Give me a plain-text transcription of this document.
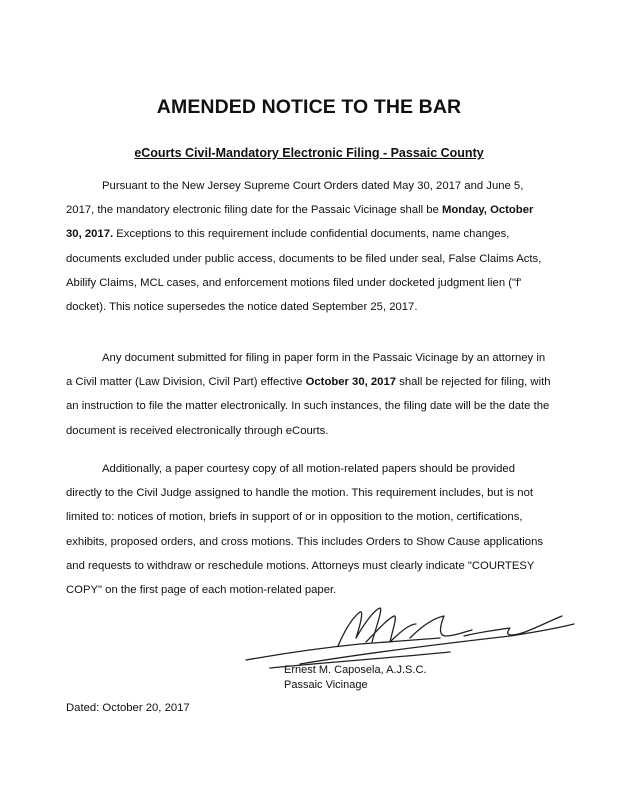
AMENDED NOTICE TO THE BAR
eCourts Civil-Mandatory Electronic Filing - Passaic County

Pursuant to the New Jersey Supreme Court Orders dated May 30, 2017 and June 5, 2017, the mandatory electronic filing date for the Passaic Vicinage shall be Monday, October 30, 2017. Exceptions to this requirement include confidential documents, name changes, documents excluded under public access, documents to be filed under seal, False Claims Acts, Abilify Claims, MCL cases, and enforcement motions filed under docketed judgment lien ("f' docket). This notice supersedes the notice dated September 25, 2017.

Any document submitted for filing in paper form in the Passaic Vicinage by an attorney in a Civil matter (Law Division, Civil Part) effective October 30, 2017 shall be rejected for filing, with an instruction to file the matter electronically. In such instances, the filing date will be the date the document is received electronically through eCourts.

Additionally, a paper courtesy copy of all motion-related papers should be provided directly to the Civil Judge assigned to handle the motion. This requirement includes, but is not limited to: notices of motion, briefs in support of or in opposition to the motion, certifications, exhibits, proposed orders, and cross motions. This includes Orders to Show Cause applications and requests to withdraw or reschedule motions. Attorneys must clearly indicate "COURTESY COPY" on the first page of each motion-related paper.

Ernest M. Caposela, A.J.S.C.
Passaic Vicinage
Dated: October 20, 2017
